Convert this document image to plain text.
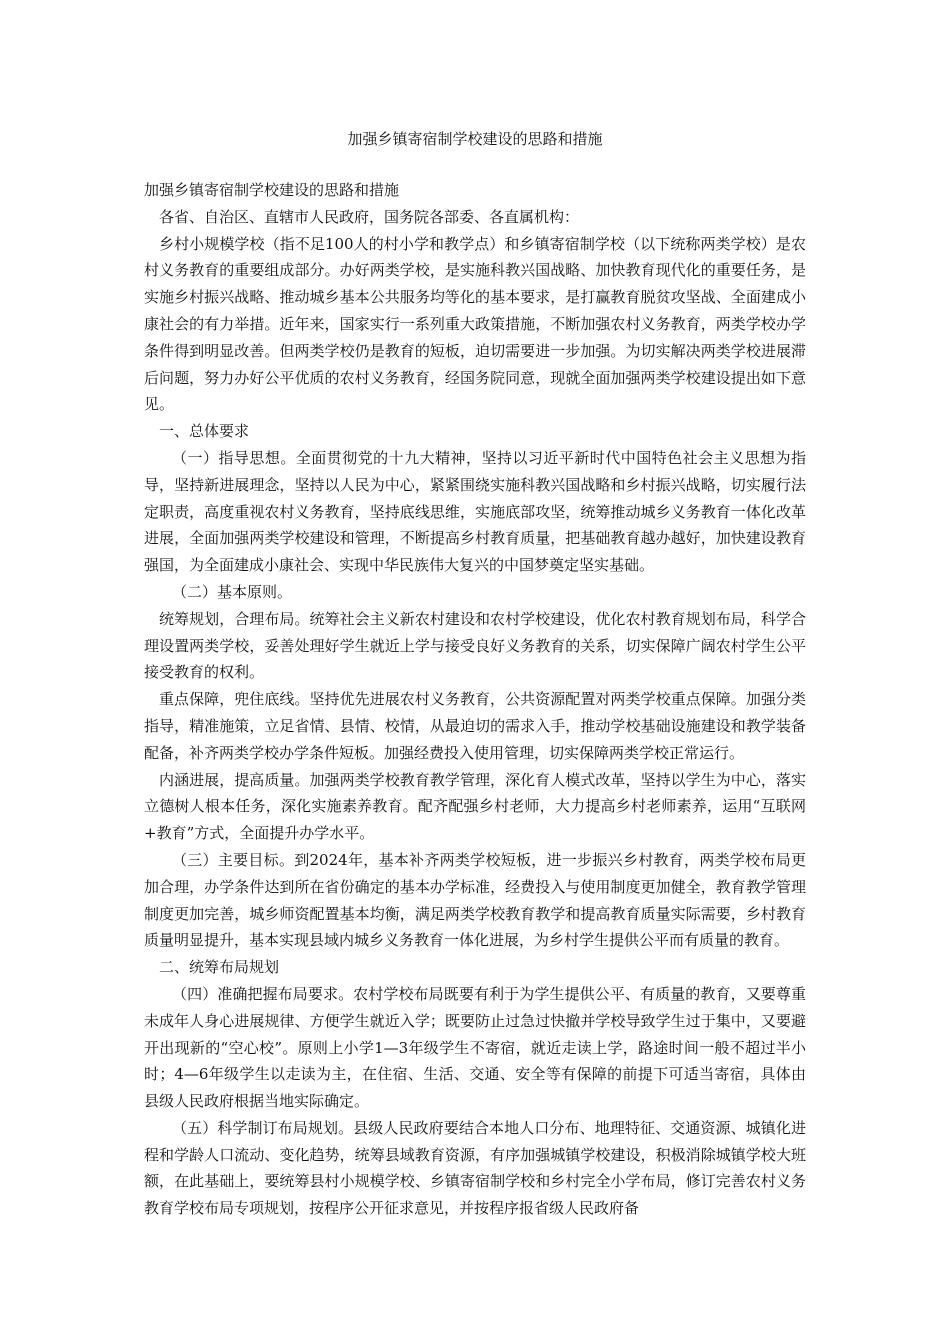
加强乡镇寄宿制学校建设的思路和措施

加强乡镇寄宿制学校建设的思路和措施

各省、自治区、直辖市人民政府，国务院各部委、各直属机构：

乡村小规模学校（指不足100人的村小学和教学点）和乡镇寄宿制学校（以下统称两类学校）是农村义务教育的重要组成部分。办好两类学校，是实施科教兴国战略、加快教育现代化的重要任务，是实施乡村振兴战略、推动城乡基本公共服务均等化的基本要求，是打赢教育脱贫攻坚战、全面建成小康社会的有力举措。近年来，国家实行一系列重大政策措施，不断加强农村义务教育，两类学校办学条件得到明显改善。但两类学校仍是教育的短板，迫切需要进一步加强。为切实解决两类学校进展滞后问题，努力办好公平优质的农村义务教育，经国务院同意，现就全面加强两类学校建设提出如下意见。

一、总体要求

（一）指导思想。全面贯彻党的十九大精神，坚持以习近平新时代中国特色社会主义思想为指导，坚持新进展理念，坚持以人民为中心，紧紧围绕实施科教兴国战略和乡村振兴战略，切实履行法定职责，高度重视农村义务教育，坚持底线思维，实施底部攻坚，统筹推动城乡义务教育一体化改革进展，全面加强两类学校建设和管理，不断提高乡村教育质量，把基础教育越办越好，加快建设教育强国，为全面建成小康社会、实现中华民族伟大复兴的中国梦奠定坚实基础。

（二）基本原则。

统筹规划，合理布局。统筹社会主义新农村建设和农村学校建设，优化农村教育规划布局，科学合理设置两类学校，妥善处理好学生就近上学与接受良好义务教育的关系，切实保障广阔农村学生公平接受教育的权利。

重点保障，兜住底线。坚持优先进展农村义务教育，公共资源配置对两类学校重点保障。加强分类指导，精准施策，立足省情、县情、校情，从最迫切的需求入手，推动学校基础设施建设和教学装备配备，补齐两类学校办学条件短板。加强经费投入使用管理，切实保障两类学校正常运行。

内涵进展，提高质量。加强两类学校教育教学管理，深化育人模式改革，坚持以学生为中心，落实立德树人根本任务，深化实施素养教育。配齐配强乡村老师，大力提高乡村老师素养，运用“互联网+教育”方式，全面提升办学水平。

（三）主要目标。到2024年，基本补齐两类学校短板，进一步振兴乡村教育，两类学校布局更加合理，办学条件达到所在省份确定的基本办学标准，经费投入与使用制度更加健全，教育教学管理制度更加完善，城乡师资配置基本均衡，满足两类学校教育教学和提高教育质量实际需要，乡村教育质量明显提升，基本实现县域内城乡义务教育一体化进展，为乡村学生提供公平而有质量的教育。

二、统筹布局规划

（四）准确把握布局要求。农村学校布局既要有利于为学生提供公平、有质量的教育，又要尊重未成年人身心进展规律、方便学生就近入学；既要防止过急过快撤并学校导致学生过于集中，又要避开出现新的“空心校”。原则上小学1—3年级学生不寄宿，就近走读上学，路途时间一般不超过半小时；4—6年级学生以走读为主，在住宿、生活、交通、安全等有保障的前提下可适当寄宿，具体由县级人民政府根据当地实际确定。

（五）科学制订布局规划。县级人民政府要结合本地人口分布、地理特征、交通资源、城镇化进程和学龄人口流动、变化趋势，统筹县域教育资源，有序加强城镇学校建设，积极消除城镇学校大班额，在此基础上，要统筹县村小规模学校、乡镇寄宿制学校和乡村完全小学布局，修订完善农村义务教育学校布局专项规划，按程序公开征求意见，并按程序报省级人民政府备
